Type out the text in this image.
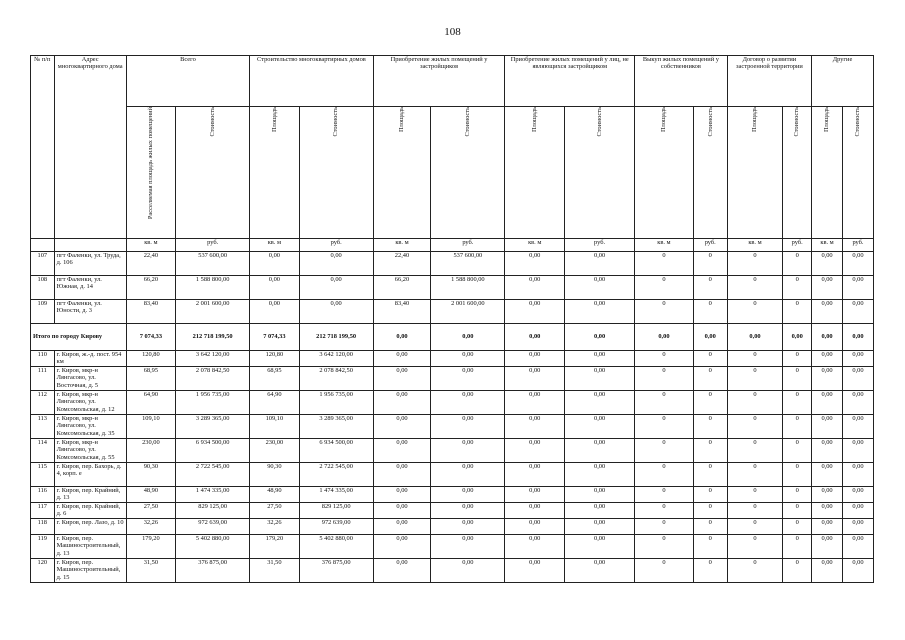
108
№ п/п	Адрес многоквартирного дома	Всего		Строительство многоквартирных домов		Приобретение жилых помещений у застройщиков		Приобретение жилых помещений у лиц, не являющихся застройщиком		Выкуп жилых помещений у собственников		Договор о развитии застроенной территории		Другие	
		Расселяемая площадь жилых помещений	Стоимость	Площадь	Стоимость	Площадь	Стоимость	Площадь	Стоимость	Площадь	Стоимость	Площадь	Стоимость	Площадь	Стоимость
		кв. м	руб.	кв. м	руб.	кв. м	руб.	кв. м	руб.	кв. м	руб.	кв. м	руб.	кв. м	руб.
107	пгт Фаленки, ул. Труда, д. 106	22,40	537 600,00	0,00	0,00	22,40	537 600,00	0,00	0,00	0	0	0	0	0,00	0,00
108	пгт Фаленки, ул. Южная, д. 14	66,20	1 588 800,00	0,00	0,00	66,20	1 588 800,00	0,00	0,00	0	0	0	0	0,00	0,00
109	пгт Фаленки, ул. Юности, д. 3	83,40	2 001 600,00	0,00	0,00	83,40	2 001 600,00	0,00	0,00	0	0	0	0	0,00	0,00
Итого по городу Кирову		7 074,33	212 718 199,50	7 074,33	212 718 199,50	0,00	0,00	0,00	0,00	0,00	0,00	0,00	0,00	0,00	0,00
110	г. Киров, ж.-д. пост. 954 км	120,80	3 642 120,00	120,80	3 642 120,00	0,00	0,00	0,00	0,00	0	0	0	0	0,00	0,00
111	г. Киров, мкр-н Лянгасово, ул. Восточная, д. 5	68,95	2 078 842,50	68,95	2 078 842,50	0,00	0,00	0,00	0,00	0	0	0	0	0,00	0,00
112	г. Киров, мкр-н Лянгасово, ул. Комсомольская, д. 12	64,90	1 956 735,00	64,90	1 956 735,00	0,00	0,00	0,00	0,00	0	0	0	0	0,00	0,00
113	г. Киров, мкр-н Лянгасово, ул. Комсомольская, д. 35	109,10	3 289 365,00	109,10	3 289 365,00	0,00	0,00	0,00	0,00	0	0	0	0	0,00	0,00
114	г. Киров, мкр-н Лянгасово, ул. Комсомольская, д. 55	230,00	6 934 500,00	230,00	6 934 500,00	0,00	0,00	0,00	0,00	0	0	0	0	0,00	0,00
115	г. Киров, пер. Бахорь, д. 4, корп. е	90,30	2 722 545,00	90,30	2 722 545,00	0,00	0,00	0,00	0,00	0	0	0	0	0,00	0,00
116	г. Киров, пер. Крайний, д. 13	48,90	1 474 335,00	48,90	1 474 335,00	0,00	0,00	0,00	0,00	0	0	0	0	0,00	0,00
117	г. Киров, пер. Крайний, д. 6	27,50	829 125,00	27,50	829 125,00	0,00	0,00	0,00	0,00	0	0	0	0	0,00	0,00
118	г. Киров, пер. Лазо, д. 10	32,26	972 639,00	32,26	972 639,00	0,00	0,00	0,00	0,00	0	0	0	0	0,00	0,00
119	г. Киров, пер. Машиностроительный, д. 13	179,20	5 402 880,00	179,20	5 402 880,00	0,00	0,00	0,00	0,00	0	0	0	0	0,00	0,00
120	г. Киров, пер. Машиностроительный, д. 15	31,50	376 875,00	31,50	376 875,00	0,00	0,00	0,00	0,00	0	0	0	0	0,00	0,00
